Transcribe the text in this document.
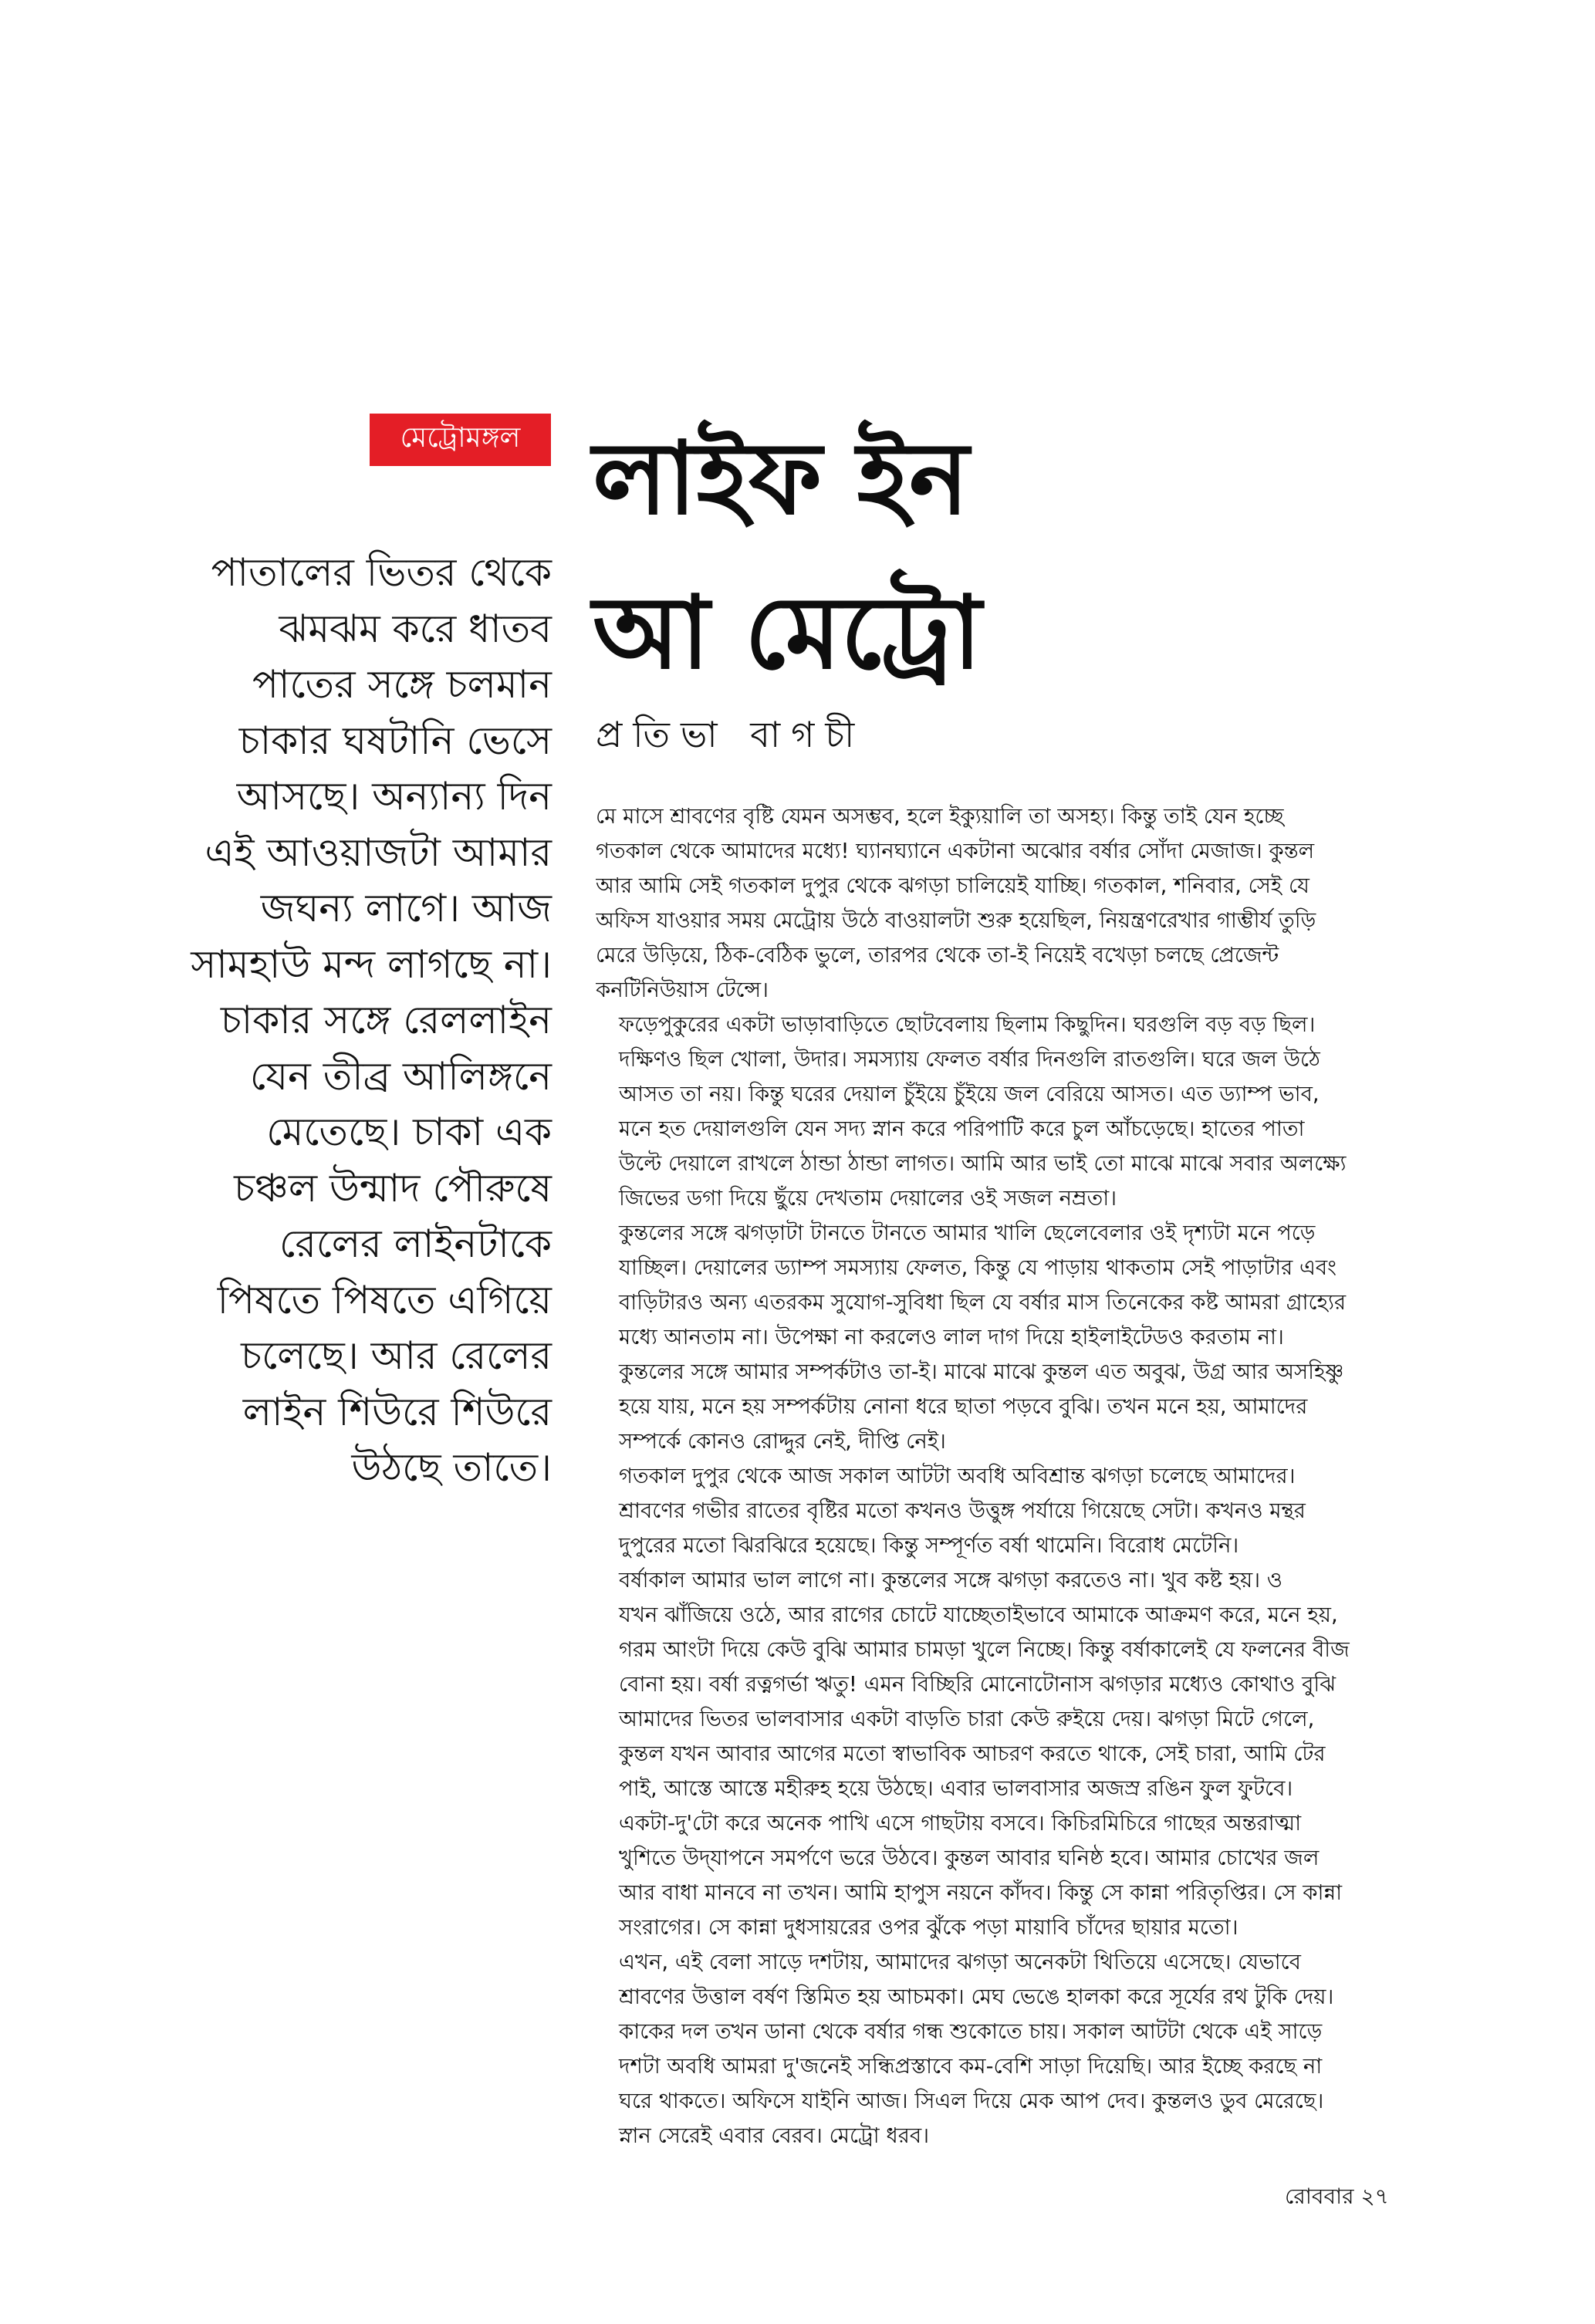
মেট্রোমঙ্গল লাইফ ইন
আ মেট্রো
প্রতিভা বাগচী
পাতালের ভিতর থেকে
ঝমঝম করে ধাতব
পাতের সঙ্গে চলমান
চাকার ঘষটানি ভেসে
আসছে। অন্যান্য দিন
এই আওয়াজটা আমার
জঘন্য লাগে। আজ
সামহাউ মন্দ লাগছে না।
চাকার সঙ্গে রেললাইন
যেন তীব্র আলিঙ্গনে
মেতেছে। চাকা এক
চঞ্চল উন্মাদ পৌরুষে
রেলের লাইনটাকে
পিষতে পিষতে এগিয়ে
চলেছে। আর রেলের
লাইন শিউরে শিউরে
উঠছে তাতে।

মে মাসে শ্রাবণের বৃষ্টি যেমন অসম্ভব, হলে ইক্যুয়ালি তা অসহ্য। কিন্তু তাই যেন হচ্ছে
গতকাল থেকে আমাদের মধ্যে! ঘ্যানঘ্যানে একটানা অঝোর বর্ষার সোঁদা মেজাজ। কুন্তল
আর আমি সেই গতকাল দুপুর থেকে ঝগড়া চালিয়েই যাচ্ছি। গতকাল, শনিবার, সেই যে
অফিস যাওয়ার সময় মেট্রোয় উঠে বাওয়ালটা শুরু হয়েছিল, নিয়ন্ত্রণরেখার গাম্ভীর্য তুড়ি
মেরে উড়িয়ে, ঠিক-বেঠিক ভুলে, তারপর থেকে তা-ই নিয়েই বখেড়া চলছে প্রেজেন্ট
কনটিনিউয়াস টেন্সে।

ফড়েপুকুরের একটা ভাড়াবাড়িতে ছোটবেলায় ছিলাম কিছুদিন। ঘরগুলি বড় বড় ছিল।
দক্ষিণও ছিল খোলা, উদার। সমস্যায় ফেলত বর্ষার দিনগুলি রাতগুলি। ঘরে জল উঠে
আসত তা নয়। কিন্তু ঘরের দেয়াল চুঁইয়ে চুঁইয়ে জল বেরিয়ে আসত। এত ড্যাম্প ভাব,
মনে হত দেয়ালগুলি যেন সদ্য স্নান করে পরিপাটি করে চুল আঁচড়েছে। হাতের পাতা
উল্টে দেয়ালে রাখলে ঠান্ডা ঠান্ডা লাগত। আমি আর ভাই তো মাঝে মাঝে সবার অলক্ষ্যে
জিভের ডগা দিয়ে ছুঁয়ে দেখতাম দেয়ালের ওই সজল নম্রতা।

কুন্তলের সঙ্গে ঝগড়াটা টানতে টানতে আমার খালি ছেলেবেলার ওই দৃশ্যটা মনে পড়ে
যাচ্ছিল। দেয়ালের ড্যাম্প সমস্যায় ফেলত, কিন্তু যে পাড়ায় থাকতাম সেই পাড়াটার এবং
বাড়িটারও অন্য এতরকম সুযোগ-সুবিধা ছিল যে বর্ষার মাস তিনেকের কষ্ট আমরা গ্রাহ্যের
মধ্যে আনতাম না। উপেক্ষা না করলেও লাল দাগ দিয়ে হাইলাইটেডও করতাম না।
কুন্তলের সঙ্গে আমার সম্পর্কটাও তা-ই। মাঝে মাঝে কুন্তল এত অবুঝ, উগ্র আর অসহিষ্ণু
হয়ে যায়, মনে হয় সম্পর্কটায় নোনা ধরে ছাতা পড়বে বুঝি। তখন মনে হয়, আমাদের
সম্পর্কে কোনও রোদ্দুর নেই, দীপ্তি নেই।

গতকাল দুপুর থেকে আজ সকাল আটটা অবধি অবিশ্রান্ত ঝগড়া চলেছে আমাদের।
শ্রাবণের গভীর রাতের বৃষ্টির মতো কখনও উত্তুঙ্গ পর্যায়ে গিয়েছে সেটা। কখনও মন্থর
দুপুরের মতো ঝিরঝিরে হয়েছে। কিন্তু সম্পূর্ণত বর্ষা থামেনি। বিরোধ মেটেনি।

বর্ষাকাল আমার ভাল লাগে না। কুন্তলের সঙ্গে ঝগড়া করতেও না। খুব কষ্ট হয়। ও
যখন ঝাঁজিয়ে ওঠে, আর রাগের চোটে যাচ্ছেতাইভাবে আমাকে আক্রমণ করে, মনে হয়,
গরম আংটা দিয়ে কেউ বুঝি আমার চামড়া খুলে নিচ্ছে। কিন্তু বর্ষাকালেই যে ফলনের বীজ
বোনা হয়। বর্ষা রত্নগর্ভা ঋতু! এমন বিচ্ছিরি মোনোটোনাস ঝগড়ার মধ্যেও কোথাও বুঝি
আমাদের ভিতর ভালবাসার একটা বাড়তি চারা কেউ রুইয়ে দেয়। ঝগড়া মিটে গেলে,
কুন্তল যখন আবার আগের মতো স্বাভাবিক আচরণ করতে থাকে, সেই চারা, আমি টের
পাই, আস্তে আস্তে মহীরুহ হয়ে উঠছে। এবার ভালবাসার অজস্র রঙিন ফুল ফুটবে।
একটা-দু'টো করে অনেক পাখি এসে গাছটায় বসবে। কিচিরমিচিরে গাছের অন্তরাত্মা
খুশিতে উদ্‌যাপনে সমর্পণে ভরে উঠবে। কুন্তল আবার ঘনিষ্ঠ হবে। আমার চোখের জল
আর বাধা মানবে না তখন। আমি হাপুস নয়নে কাঁদব। কিন্তু সে কান্না পরিতৃপ্তির। সে কান্না
সংরাগের। সে কান্না দুধসায়রের ওপর ঝুঁকে পড়া মায়াবি চাঁদের ছায়ার মতো।

এখন, এই বেলা সাড়ে দশটায়, আমাদের ঝগড়া অনেকটা থিতিয়ে এসেছে। যেভাবে
শ্রাবণের উত্তাল বর্ষণ স্তিমিত হয় আচমকা। মেঘ ভেঙে হালকা করে সূর্যের রথ টুকি দেয়।
কাকের দল তখন ডানা থেকে বর্ষার গন্ধ শুকোতে চায়। সকাল আটটা থেকে এই সাড়ে
দশটা অবধি আমরা দু'জনেই সন্ধিপ্রস্তাবে কম-বেশি সাড়া দিয়েছি। আর ইচ্ছে করছে না
ঘরে থাকতে। অফিসে যাইনি আজ। সিএল দিয়ে মেক আপ দেব। কুন্তলও ডুব মেরেছে।
স্নান সেরেই এবার বেরব। মেট্রো ধরব।

রোববার ২৭
